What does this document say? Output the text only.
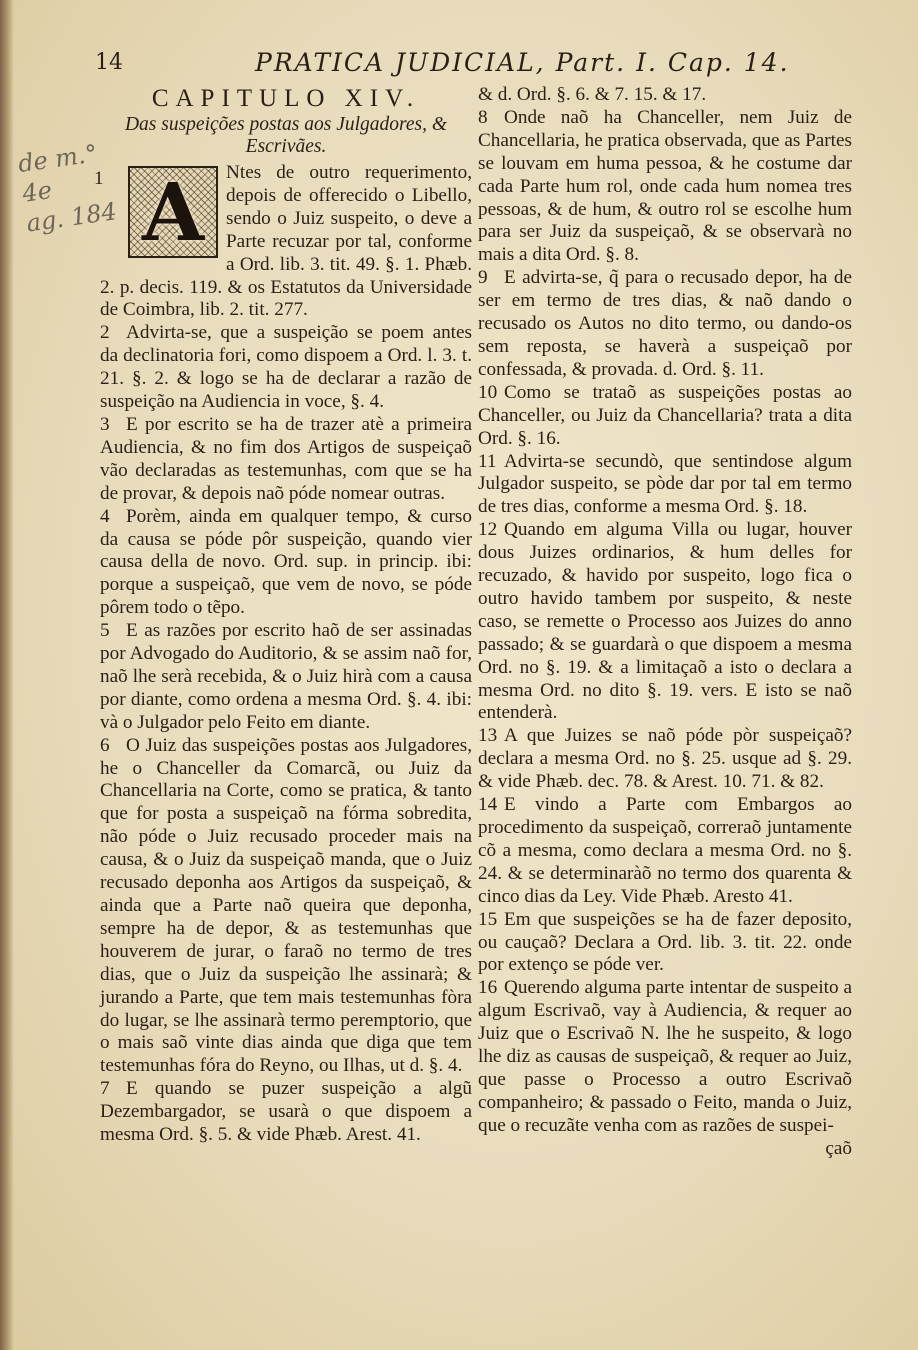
14	PRATICA JUDICIAL, Part. I. Cap. 14.
de m.° 4e
ag. 184
CAPITULO XIV.
Das suspeições postas aos Julgadores, & Escrivães.

1 A	Ntes de outro requerimento, depois de offerecido o Libello, sendo o Juiz suspeito, o deve a Parte recuzar por tal, conforme a Ord. lib. 3. tit. 49. §. 1. Phæb. 2. p. decis. 119. & os Estatutos da Universidade de Coimbra, lib. 2. tit. 277.

2 Advirta-se, que a suspeição se poem antes da declinatoria fori, como dispoem a Ord. l. 3. t. 21. §. 2. & logo se ha de declarar a razão de suspeição na Audiencia in voce, §. 4.

3 E por escrito se ha de trazer atè a primeira Audiencia, & no fim dos Artigos de suspeiçaõ vão declaradas as testemunhas, com que se ha de provar, & depois naõ póde nomear outras.

4 Porèm, ainda em qualquer tempo, & curso da causa se póde pôr suspeição, quando vier causa della de novo. Ord. sup. in princip. ibi: porque a suspeiçaõ, que vem de novo, se póde pôrem todo o tẽpo.

5 E as razões por escrito haõ de ser assinadas por Advogado do Auditorio, & se assim naõ for, naõ lhe serà recebida, & o Juiz hirà com a causa por diante, como ordena a mesma Ord. §. 4. ibi: và o Julgador pelo Feito em diante.

6 O Juiz das suspeições postas aos Julgadores, he o Chanceller da Comarcã, ou Juiz da Chancellaria na Corte, como se pratica, & tanto que for posta a suspeiçaõ na fórma sobredita, não póde o Juiz recusado proceder mais na causa, & o Juiz da suspeiçaõ manda, que o Juiz recusado deponha aos Artigos da suspeiçaõ, & ainda que a Parte naõ queira que deponha, sempre ha de depor, & as testemunhas que houverem de jurar, o faraõ no termo de tres dias, que o Juiz da suspeição lhe assinarà; & jurando a Parte, que tem mais testemunhas fòra do lugar, se lhe assinarà termo peremptorio, que o mais saõ vinte dias ainda que diga que tem testemunhas fóra do Reyno, ou Ilhas, ut d. §. 4.

7 E quando se puzer suspeição a algũ Dezembargador, se usarà o que dispoem a mesma Ord. §. 5. & vide Phæb. Arest. 41.

& d. Ord. §. 6. & 7. 15. & 17.

8 Onde naõ ha Chanceller, nem Juiz de Chancellaria, he pratica observada, que as Partes se louvam em huma pessoa, & he costume dar cada Parte hum rol, onde cada hum nomea tres pessoas, & de hum, & outro rol se escolhe hum para ser Juiz da suspeiçaõ, & se observarà no mais a dita Ord. §. 8.

9 E advirta-se, q̃ para o recusado depor, ha de ser em termo de tres dias, & naõ dando o recusado os Autos no dito termo, ou dando-os sem reposta, se haverà a suspeiçaõ por confessada, & provada. d. Ord. §. 11.

10 Como se trataõ as suspeições postas ao Chanceller, ou Juiz da Chancellaria? trata a dita Ord. §. 16.

11 Advirta-se secundò, que sentindose algum Julgador suspeito, se pòde dar por tal em termo de tres dias, conforme a mesma Ord. §. 18.

12 Quando em alguma Villa ou lugar, houver dous Juizes ordinarios, & hum delles for recuzado, & havido por suspeito, logo fica o outro havido tambem por suspeito, & neste caso, se remette o Processo aos Juizes do anno passado; & se guardarà o que dispoem a mesma Ord. no §. 19. & a limitaçaõ a isto o declara a mesma Ord. no dito §. 19. vers. E isto se naõ entenderà.

13 A que Juizes se naõ póde pòr suspeiçaõ? declara a mesma Ord. no §. 25. usque ad §. 29. & vide Phæb. dec. 78. & Arest. 10. 71. & 82.

14 E vindo a Parte com Embargos ao procedimento da suspeiçaõ, correraõ juntamente cõ a mesma, como declara a mesma Ord. no §. 24. & se determinaràõ no termo dos quarenta & cinco dias da Ley. Vide Phæb. Aresto 41.

15 Em que suspeições se ha de fazer deposito, ou cauçaõ? Declara a Ord. lib. 3. tit. 22. onde por extenço se póde ver.

16 Querendo alguma parte intentar de suspeito a algum Escrivaõ, vay à Audiencia, & requer ao Juiz que o Escrivaõ N. lhe he suspeito, & logo lhe diz as causas de suspeiçaõ, & requer ao Juiz, que passe o Processo a outro Escrivaõ companheiro; & passado o Feito, manda o Juiz, que o recuzãte venha com as razões de suspei-

çaõ
